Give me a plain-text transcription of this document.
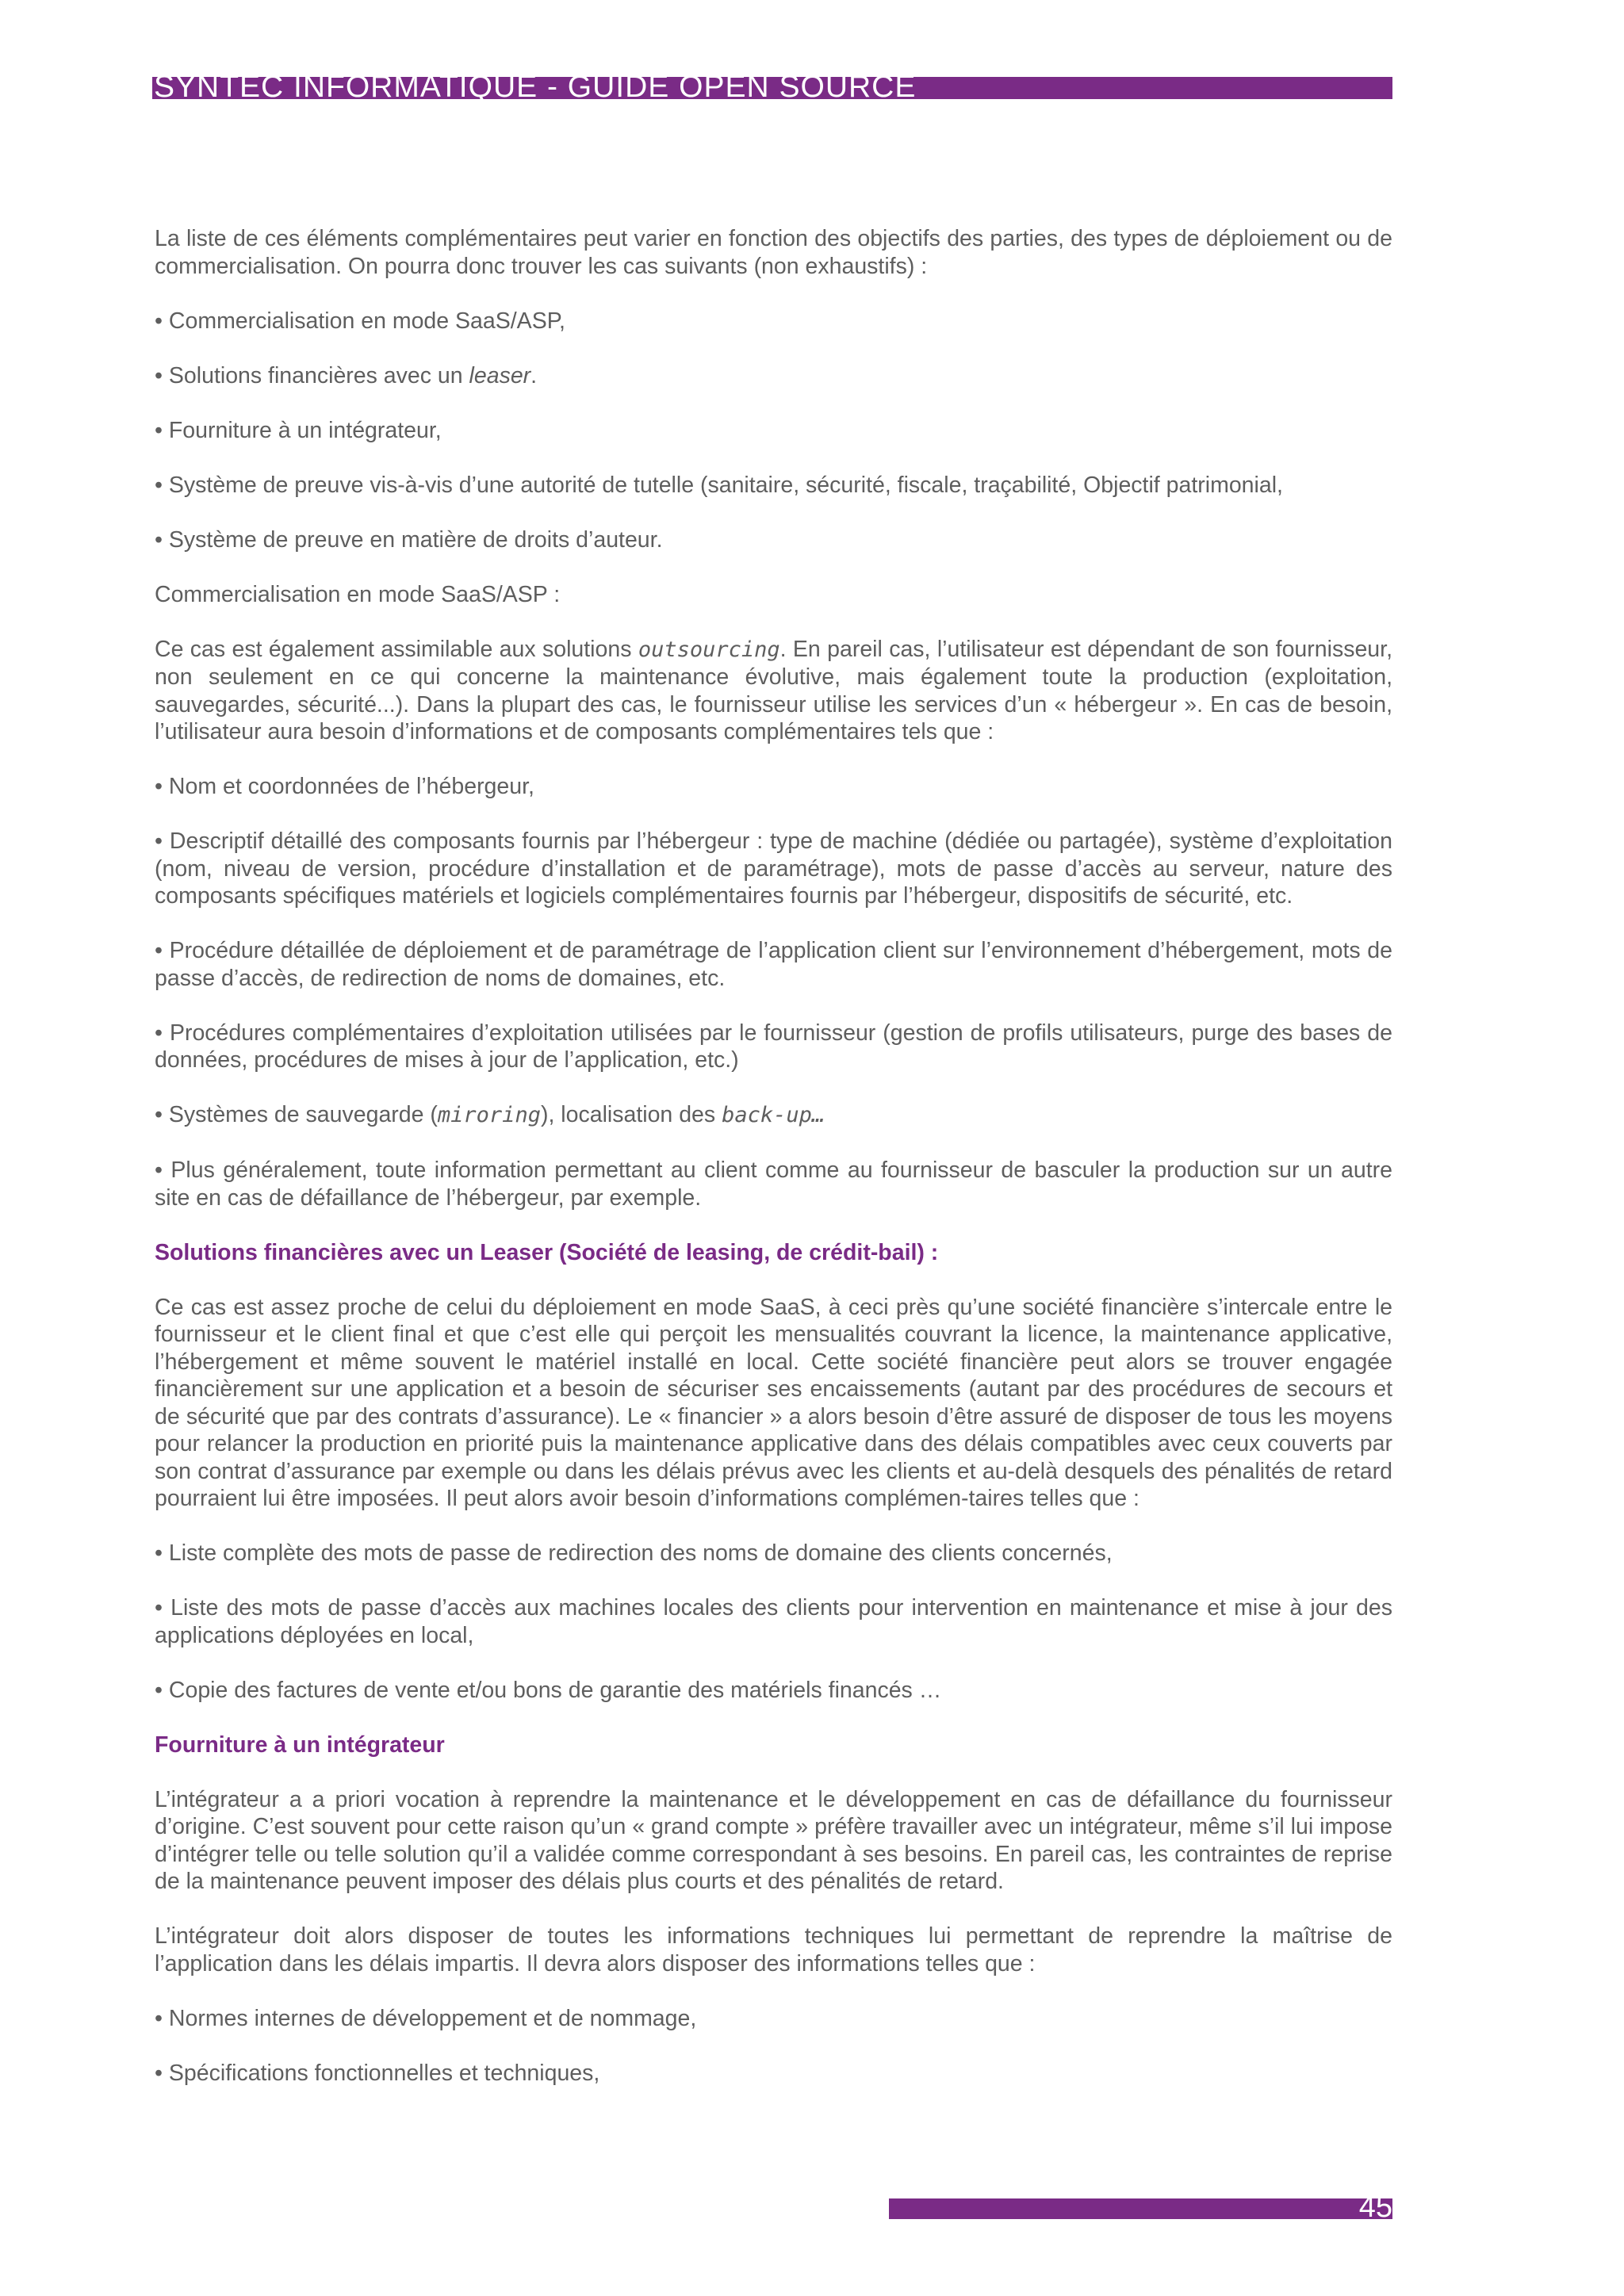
SYNTEC INFORMATIQUE - GUIDE OPEN SOURCE

La liste de ces éléments complémentaires peut varier en fonction des objectifs des parties, des types de déploiement ou de commercialisation. On pourra donc trouver les cas suivants (non exhaustifs) :

• Commercialisation en mode SaaS/ASP,

• Solutions financières avec un leaser.

• Fourniture à un intégrateur,

• Système de preuve vis-à-vis d’une autorité de tutelle (sanitaire, sécurité, fiscale, traçabilité, Objectif patrimonial,

• Système de preuve en matière de droits d’auteur.

Commercialisation en mode SaaS/ASP :

Ce cas est également assimilable aux solutions outsourcing. En pareil cas, l’utilisateur est dépendant de son fournisseur, non seulement en ce qui concerne la maintenance évolutive, mais également toute la production (exploitation, sauvegardes, sécurité...). Dans la plupart des cas, le fournisseur utilise les services d’un « hébergeur ». En cas de besoin, l’utilisateur aura besoin d’informations et de composants complémentaires tels que :

• Nom et coordonnées de l’hébergeur,

• Descriptif détaillé des composants fournis par l’hébergeur : type de machine (dédiée ou partagée), système d’exploitation (nom, niveau de version, procédure d’installation et de paramétrage), mots de passe d’accès au serveur, nature des composants spécifiques matériels et logiciels complémentaires fournis par l’hébergeur, dispositifs de sécurité, etc.

• Procédure détaillée de déploiement et de paramétrage de l’application client sur l’environnement d’hébergement, mots de passe d’accès, de redirection de noms de domaines, etc.

• Procédures complémentaires d’exploitation utilisées par le fournisseur (gestion de profils utilisateurs, purge des bases de données, procédures de mises à jour de l’application, etc.)

• Systèmes de sauvegarde (miroring), localisation des back-up…

• Plus généralement, toute information permettant au client comme au fournisseur de basculer la production sur un autre site en cas de défaillance de l’hébergeur, par exemple.

Solutions financières avec un Leaser (Société de leasing, de crédit-bail) :

Ce cas est assez proche de celui du déploiement en mode SaaS, à ceci près qu’une société financière s’intercale entre le fournisseur et le client final et que c’est elle qui perçoit les mensualités couvrant la licence, la maintenance applicative, l’hébergement et même souvent le matériel installé en local. Cette société financière peut alors se trouver engagée financièrement sur une application et a besoin de sécuriser ses encaissements (autant par des procédures de secours et de sécurité que par des contrats d’assurance). Le « financier » a alors besoin d’être assuré de disposer de tous les moyens pour relancer la production en priorité puis la maintenance applicative dans des délais compatibles avec ceux couverts par son contrat d’assurance par exemple ou dans les délais prévus avec les clients et au-delà desquels des pénalités de retard pourraient lui être imposées. Il peut alors avoir besoin d’informations complémen-taires telles que :

• Liste complète des mots de passe de redirection des noms de domaine des clients concernés,

• Liste des mots de passe d’accès aux machines locales des clients pour intervention en maintenance et mise à jour des applications déployées en local,

• Copie des factures de vente et/ou bons de garantie des matériels financés …

Fourniture à un intégrateur

L’intégrateur a a priori vocation à reprendre la maintenance et le développement en cas de défaillance du fournisseur d’origine. C’est souvent pour cette raison qu’un « grand compte » préfère travailler avec un intégrateur, même s’il lui impose d’intégrer telle ou telle solution qu’il a validée comme correspondant à ses besoins. En pareil cas, les contraintes de reprise de la maintenance peuvent imposer des délais plus courts et des pénalités de retard.

L’intégrateur doit alors disposer de toutes les informations techniques lui permettant de reprendre la maîtrise de l’application dans les délais impartis. Il devra alors disposer des informations telles que :

• Normes internes de développement et de nommage,

• Spécifications fonctionnelles et techniques,

45
